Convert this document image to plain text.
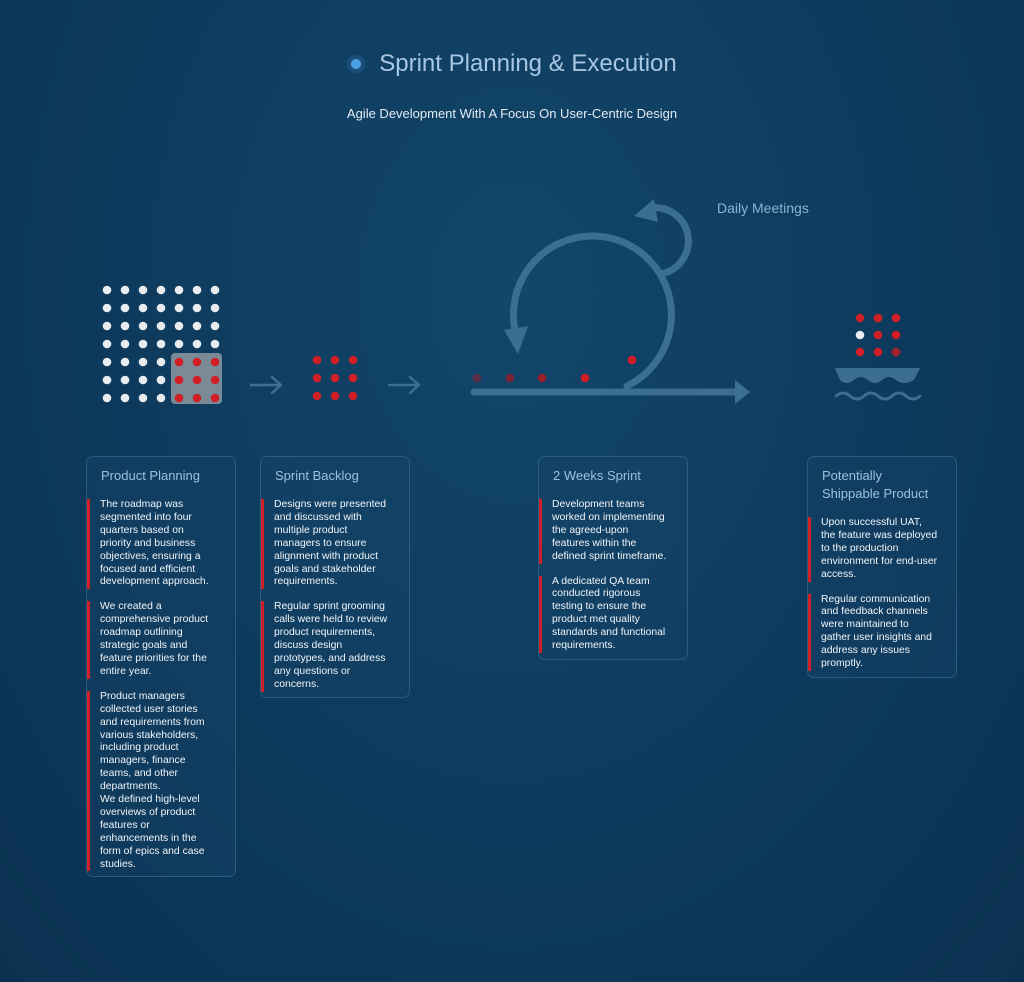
Sprint Planning & Execution
Agile Development With A Focus On User-Centric Design
Daily Meetings
Product Planning
The roadmap was
segmented into four
quarters based on
priority and business
objectives, ensuring a
focused and efficient
development approach.
We created a
comprehensive product
roadmap outlining
strategic goals and
feature priorities for the
entire year.
Product managers
collected user stories
and requirements from
various stakeholders,
including product
managers, finance
teams, and other
departments.
We defined high-level
overviews of product
features or
enhancements in the
form of epics and case
studies.
Sprint Backlog
Designs were presented
and discussed with
multiple product
managers to ensure
alignment with product
goals and stakeholder
requirements.
Regular sprint grooming
calls were held to review
product requirements,
discuss design
prototypes, and address
any questions or
concerns.
2 Weeks Sprint
Development teams
worked on implementing
the agreed-upon
features within the
defined sprint timeframe.
A dedicated QA team
conducted rigorous
testing to ensure the
product met quality
standards and functional
requirements.
Potentially
Shippable Product
Upon successful UAT,
the feature was deployed
to the production
environment for end-user
access.
Regular communication
and feedback channels
were maintained to
gather user insights and
address any issues
promptly.
